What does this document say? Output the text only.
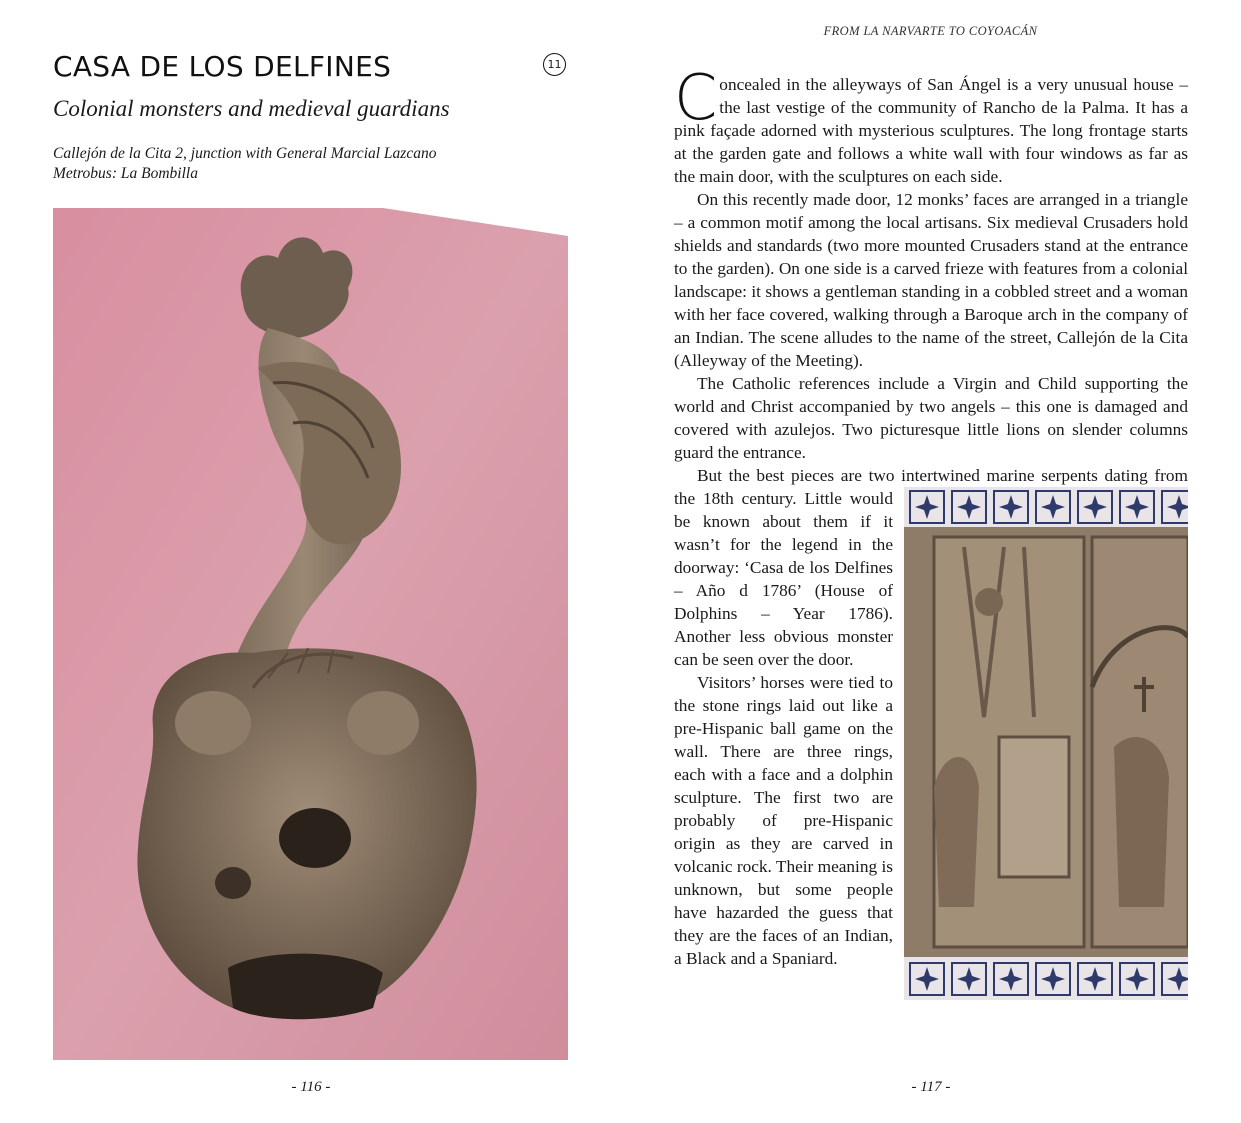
CASA DE LOS DELFINES	11
Colonial monsters and medieval guardians
Callejón de la Cita 2, junction with General Marcial Lazcano
Metrobus: La Bombilla
- 116 -
FROM LA NARVARTE TO COYOACÁN

Concealed in the alleyways of San Ángel is a very unusual house – the last vestige of the community of Rancho de la Palma. It has a pink façade adorned with mysterious sculptures. The long frontage starts at the garden gate and follows a white wall with four windows as far as the main door, with the sculptures on each side.

On this recently made door, 12 monks’ faces are arranged in a triangle – a common motif among the local artisans. Six medieval Crusaders hold shields and standards (two more mounted Crusaders stand at the entrance to the garden). On one side is a carved frieze with features from a colonial landscape: it shows a gentleman standing in a cobbled street and a woman with her face covered, walking through a Baroque arch in the company of an Indian. The scene alludes to the name of the street, Callejón de la Cita (Alleyway of the Meeting).

The Catholic references include a Virgin and Child supporting the world and Christ accompanied by two angels – this one is damaged and covered with azulejos. Two picturesque little lions on slender columns guard the entrance.

But the best pieces are two intertwined marine serpents dating from
the 18th century. Little would be known about them if it wasn’t for the legend in the doorway: ‘Casa de los Delfines – Año d 1786’ (House of Dolphins – Year 1786). Another less obvious monster can be seen over the door.

Visitors’ horses were tied to the stone rings laid out like a pre-Hispanic ball game on the wall. There are three rings, each with a face and a dolphin sculpture. The first two are probably of pre-Hispanic origin as they are carved in volcanic rock. Their meaning is unknown, but some people have hazarded the guess that they are the faces of an Indian, a Black and a Spaniard.

- 117 -
